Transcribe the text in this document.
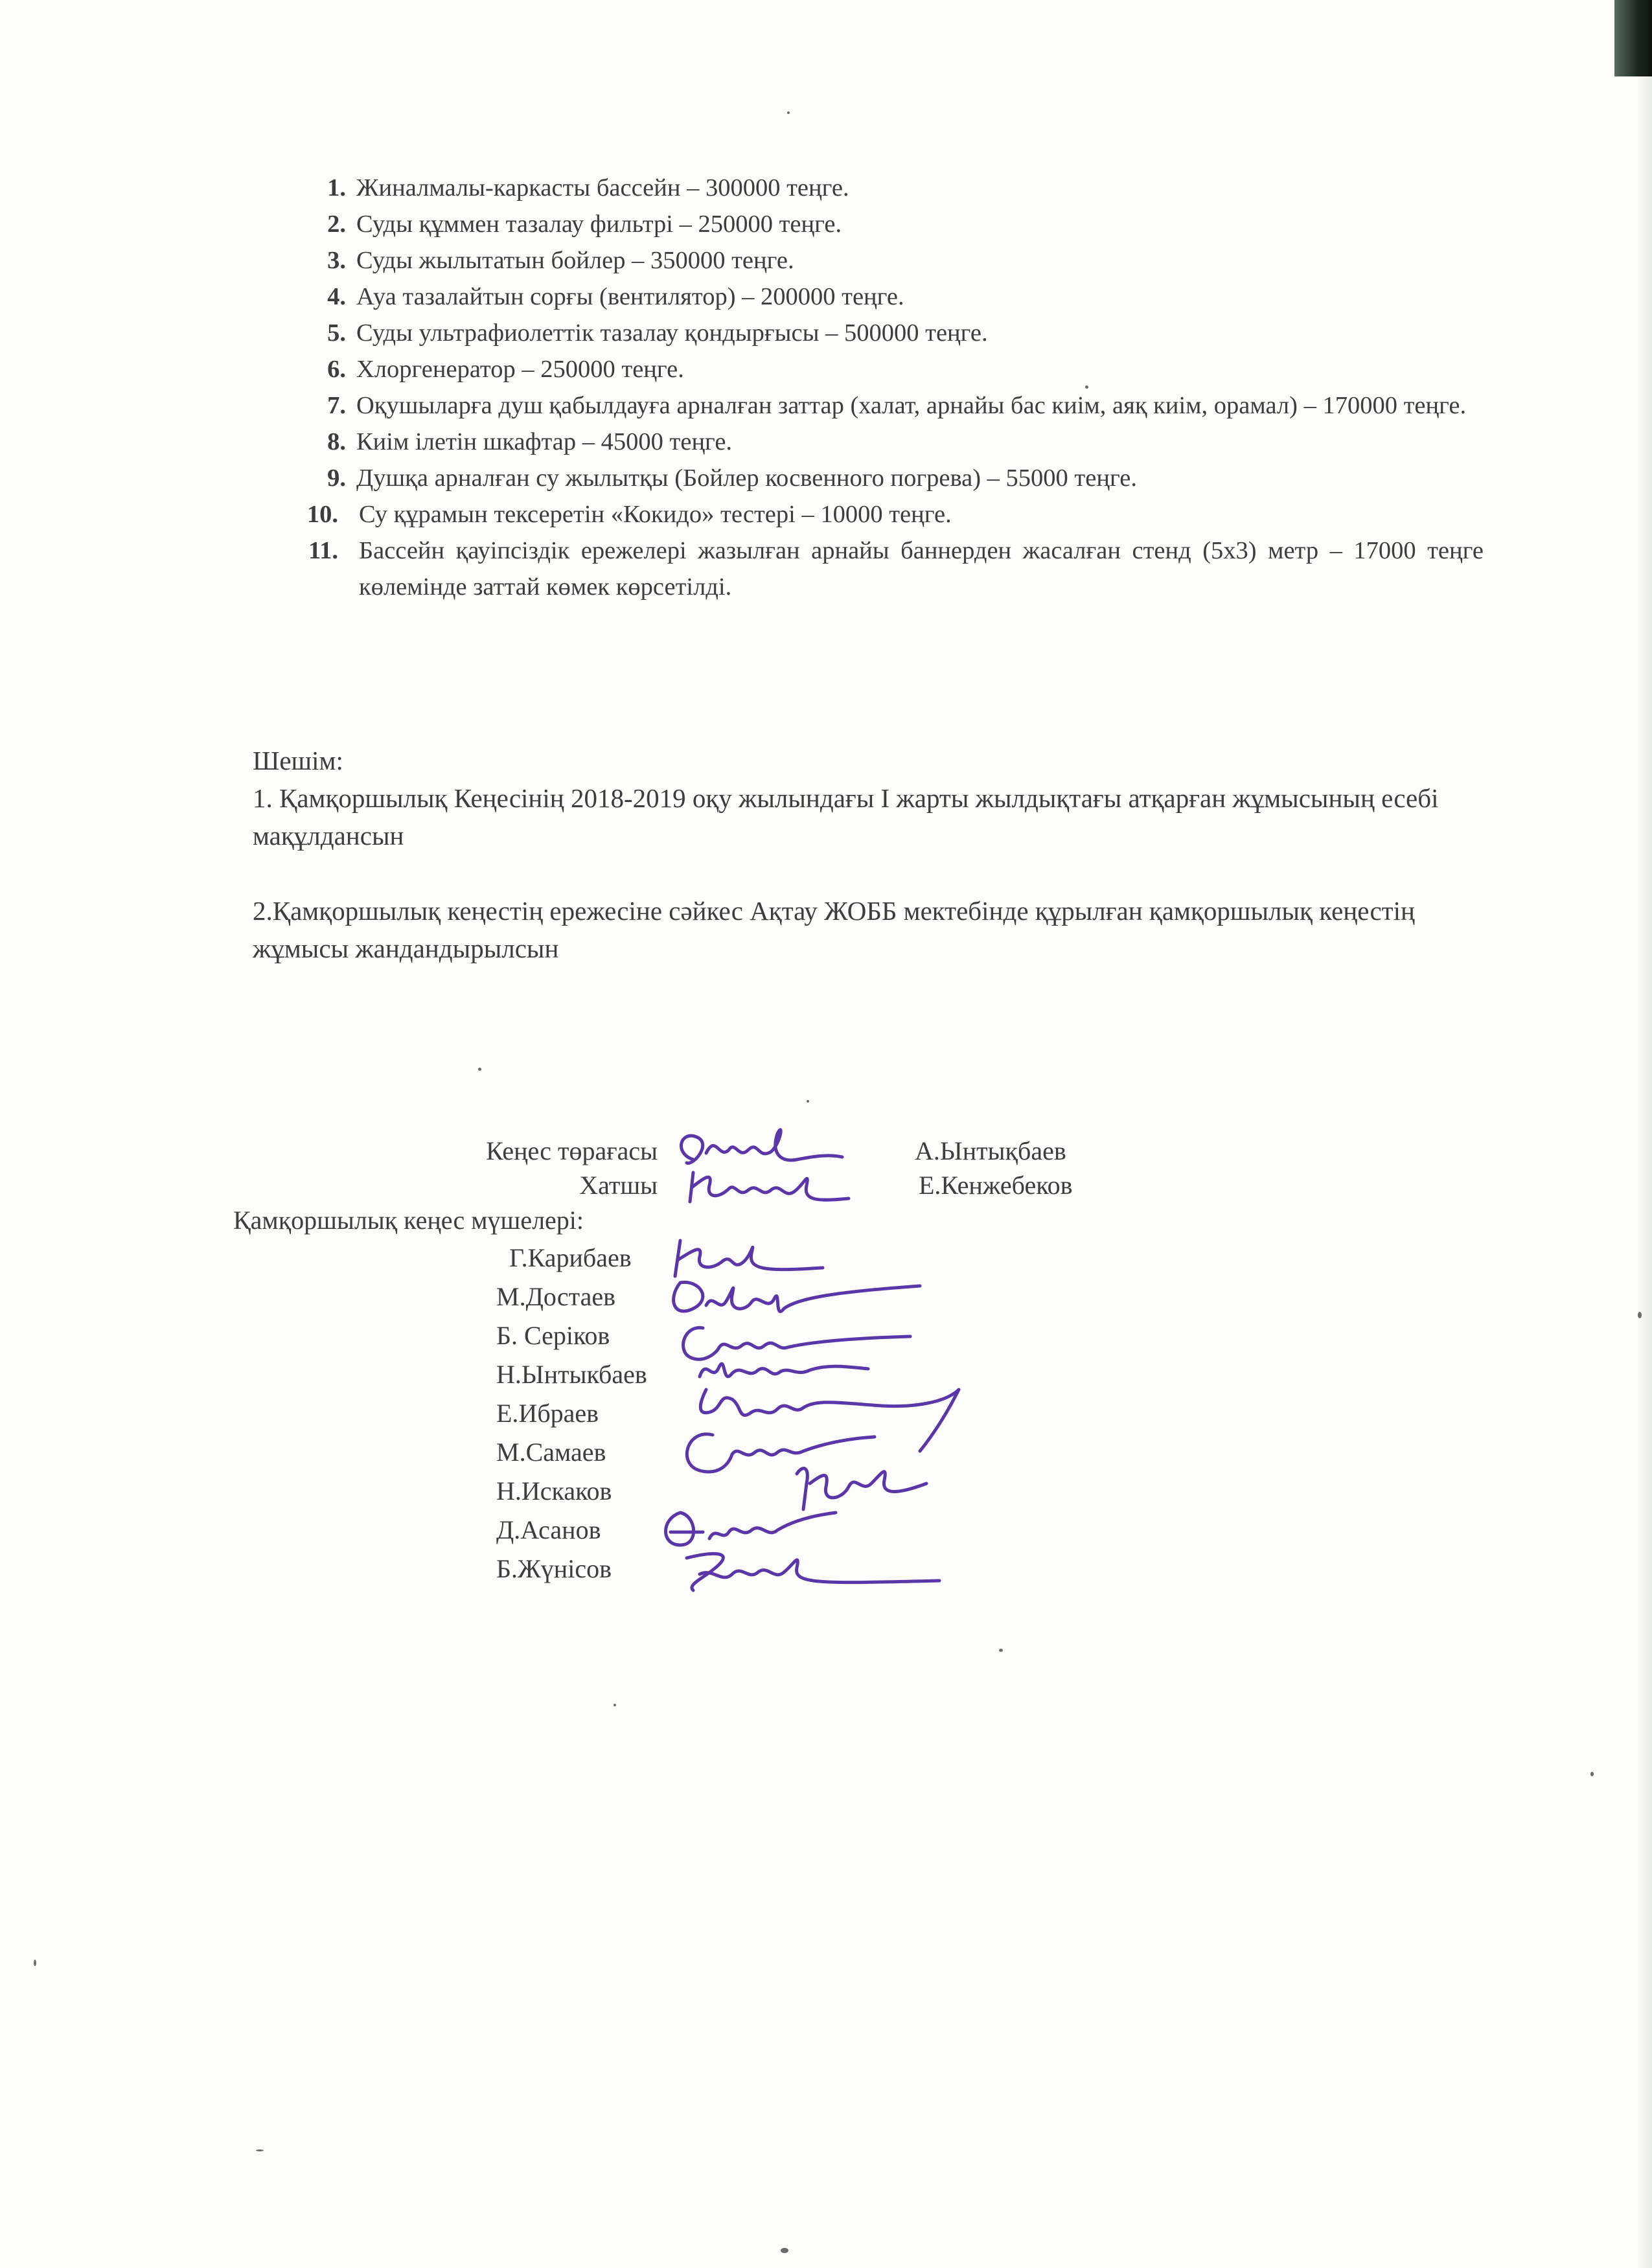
1. Жиналмалы-каркасты бассейн – 300000 теңге.
2. Суды құммен тазалау фильтрі – 250000 теңге.
3. Суды жылытатын бойлер – 350000 теңге.
4. Ауа тазалайтын сорғы (вентилятор) – 200000 теңге.
5. Суды ультрафиолеттік тазалау қондырғысы – 500000 теңге.
6. Хлоргенератор – 250000 теңге.
7. Оқушыларға душ қабылдауға арналған заттар (халат, арнайы бас киім, аяқ киім, орамал) – 170000 теңге.
8. Киім ілетін шкафтар – 45000 теңге.
9. Душқа арналған су жылытқы (Бойлер косвенного погрева) – 55000 теңге.
10. Су құрамын тексеретін «Кокидо» тестері – 10000 теңге.
11. Бассейн қауіпсіздік ережелері жазылған арнайы баннерден жасалған стенд (5х3) метр – 17000 теңге көлемінде заттай көмек көрсетілді.

Шешім:

1. Қамқоршылық Кеңесінің 2018-2019 оқу жылындағы І жарты жылдықтағы атқарған жұмысының есебі мақұлдансын

2.Қамқоршылық кеңестің ережесіне сәйкес Ақтау ЖОББ мектебінде құрылған қамқоршылық кеңестің жұмысы жандандырылсын

Кеңес төрағасы	А.Ынтықбаев
Хатшы	Е.Кенжебеков
Қамқоршылық кеңес мүшелері:
Г.Карибаев
М.Достаев
Б. Серіков
Н.Ынтыкбаев
Е.Ибраев
М.Самаев
Н.Искаков
Д.Асанов
Б.Жүнісов
